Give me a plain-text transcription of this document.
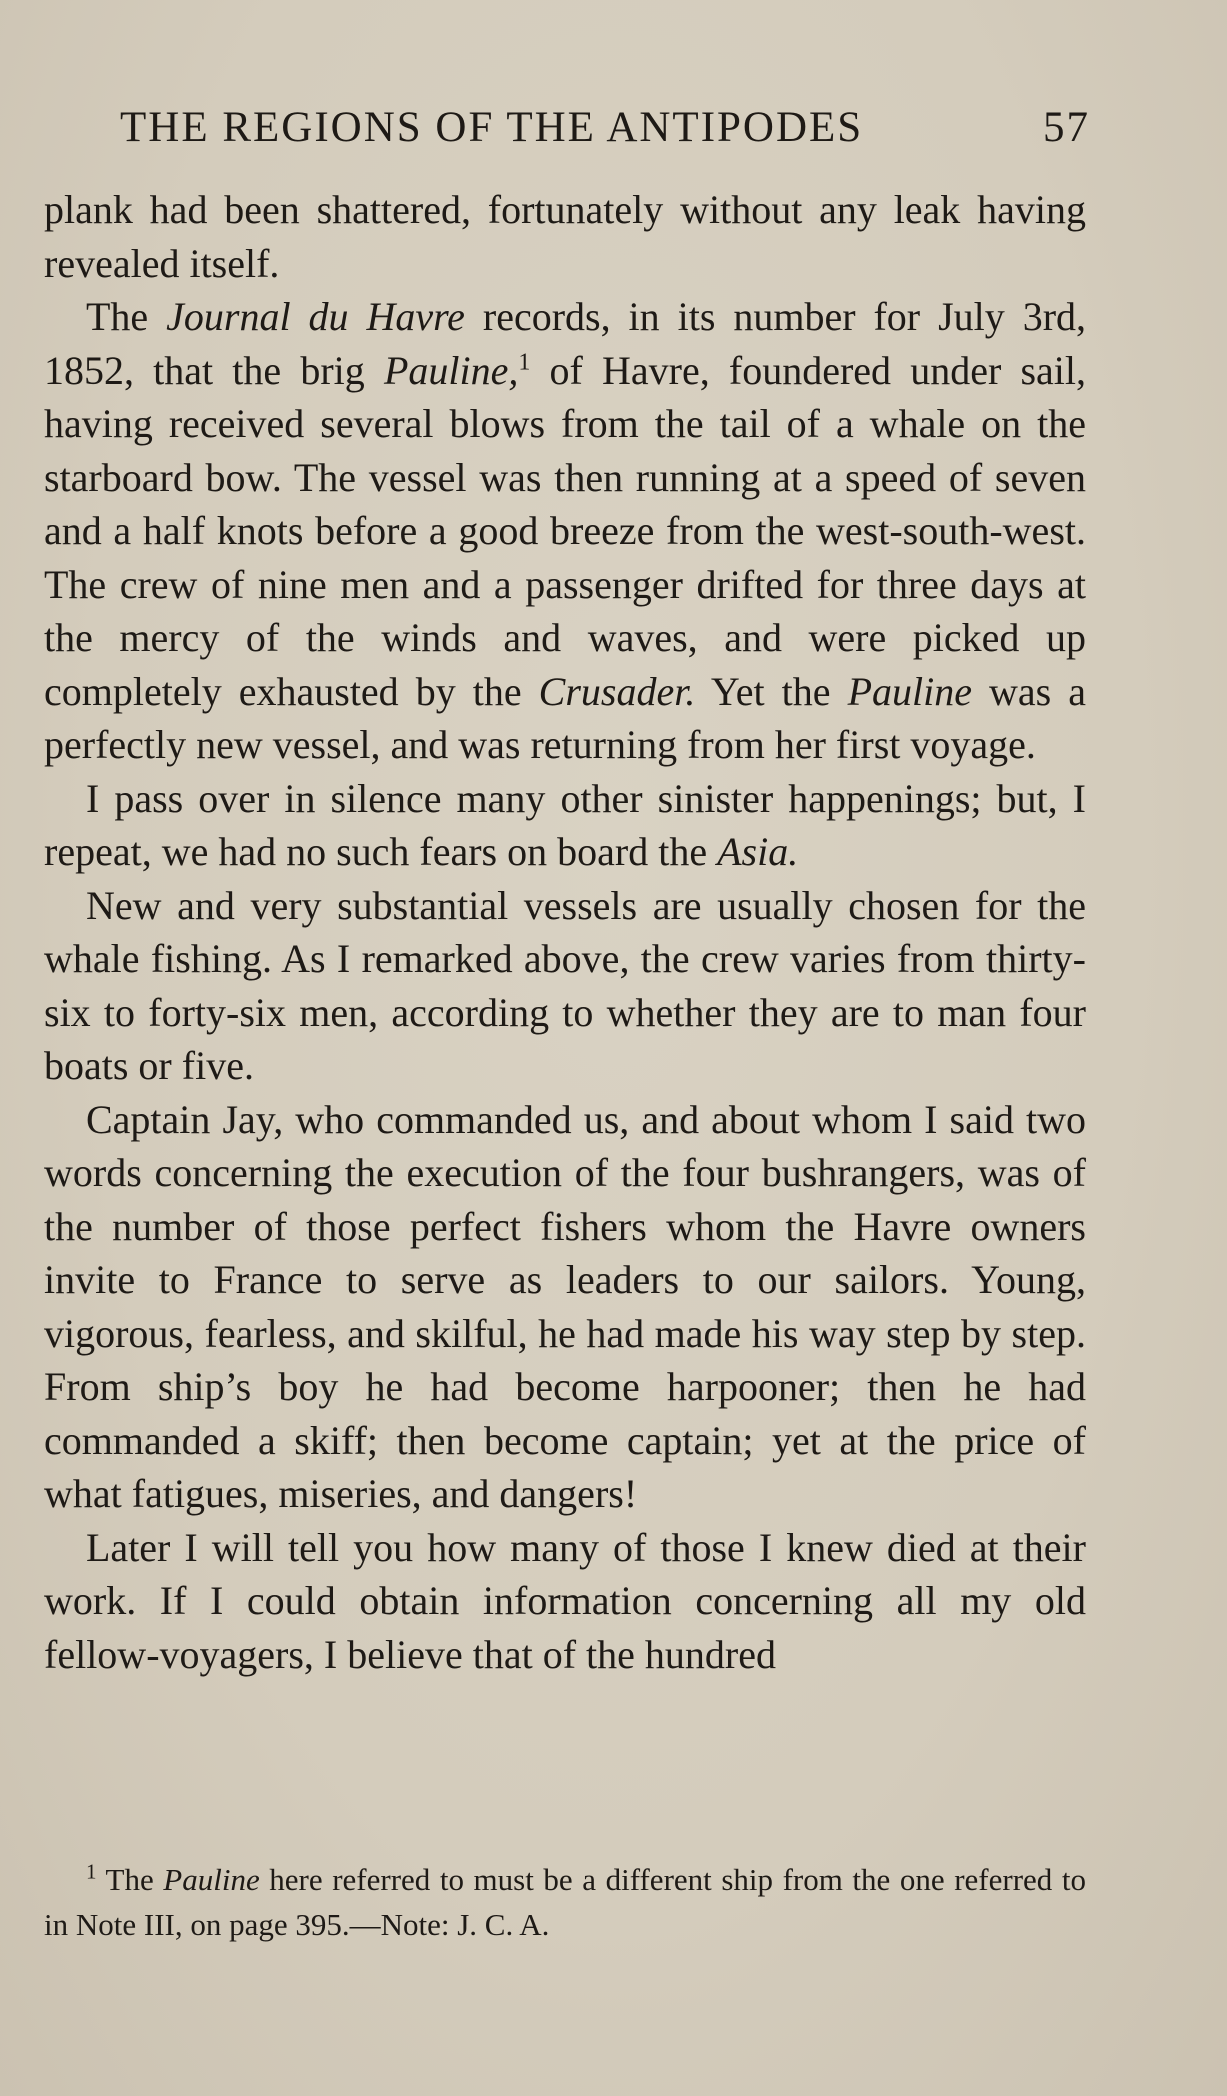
THE REGIONS OF THE ANTIPODES	57

plank had been shattered, fortunately without any leak having revealed itself.

The Journal du Havre records, in its number for July 3rd, 1852, that the brig Pauline,$^1$ of Havre, foundered under sail, having received several blows from the tail of a whale on the starboard bow. The vessel was then running at a speed of seven and a half knots before a good breeze from the west-south-west. The crew of nine men and a passenger drifted for three days at the mercy of the winds and waves, and were picked up completely exhausted by the Crusader. Yet the Pauline was a perfectly new vessel, and was returning from her first voyage.

I pass over in silence many other sinister happenings; but, I repeat, we had no such fears on board the Asia.

New and very substantial vessels are usually chosen for the whale fishing. As I remarked above, the crew varies from thirty-six to forty-six men, according to whether they are to man four boats or five.

Captain Jay, who commanded us, and about whom I said two words concerning the execution of the four bushrangers, was of the number of those perfect fishers whom the Havre owners invite to France to serve as leaders to our sailors. Young, vigorous, fearless, and skilful, he had made his way step by step. From ship’s boy he had become harpooner; then he had commanded a skiff; then become captain; yet at the price of what fatigues, miseries, and dangers!

Later I will tell you how many of those I knew died at their work. If I could obtain information concerning all my old fellow-voyagers, I believe that of the hundred

$^1$ The Pauline here referred to must be a different ship from the one referred to in Note III, on page 395.—Note: J. C. A.
